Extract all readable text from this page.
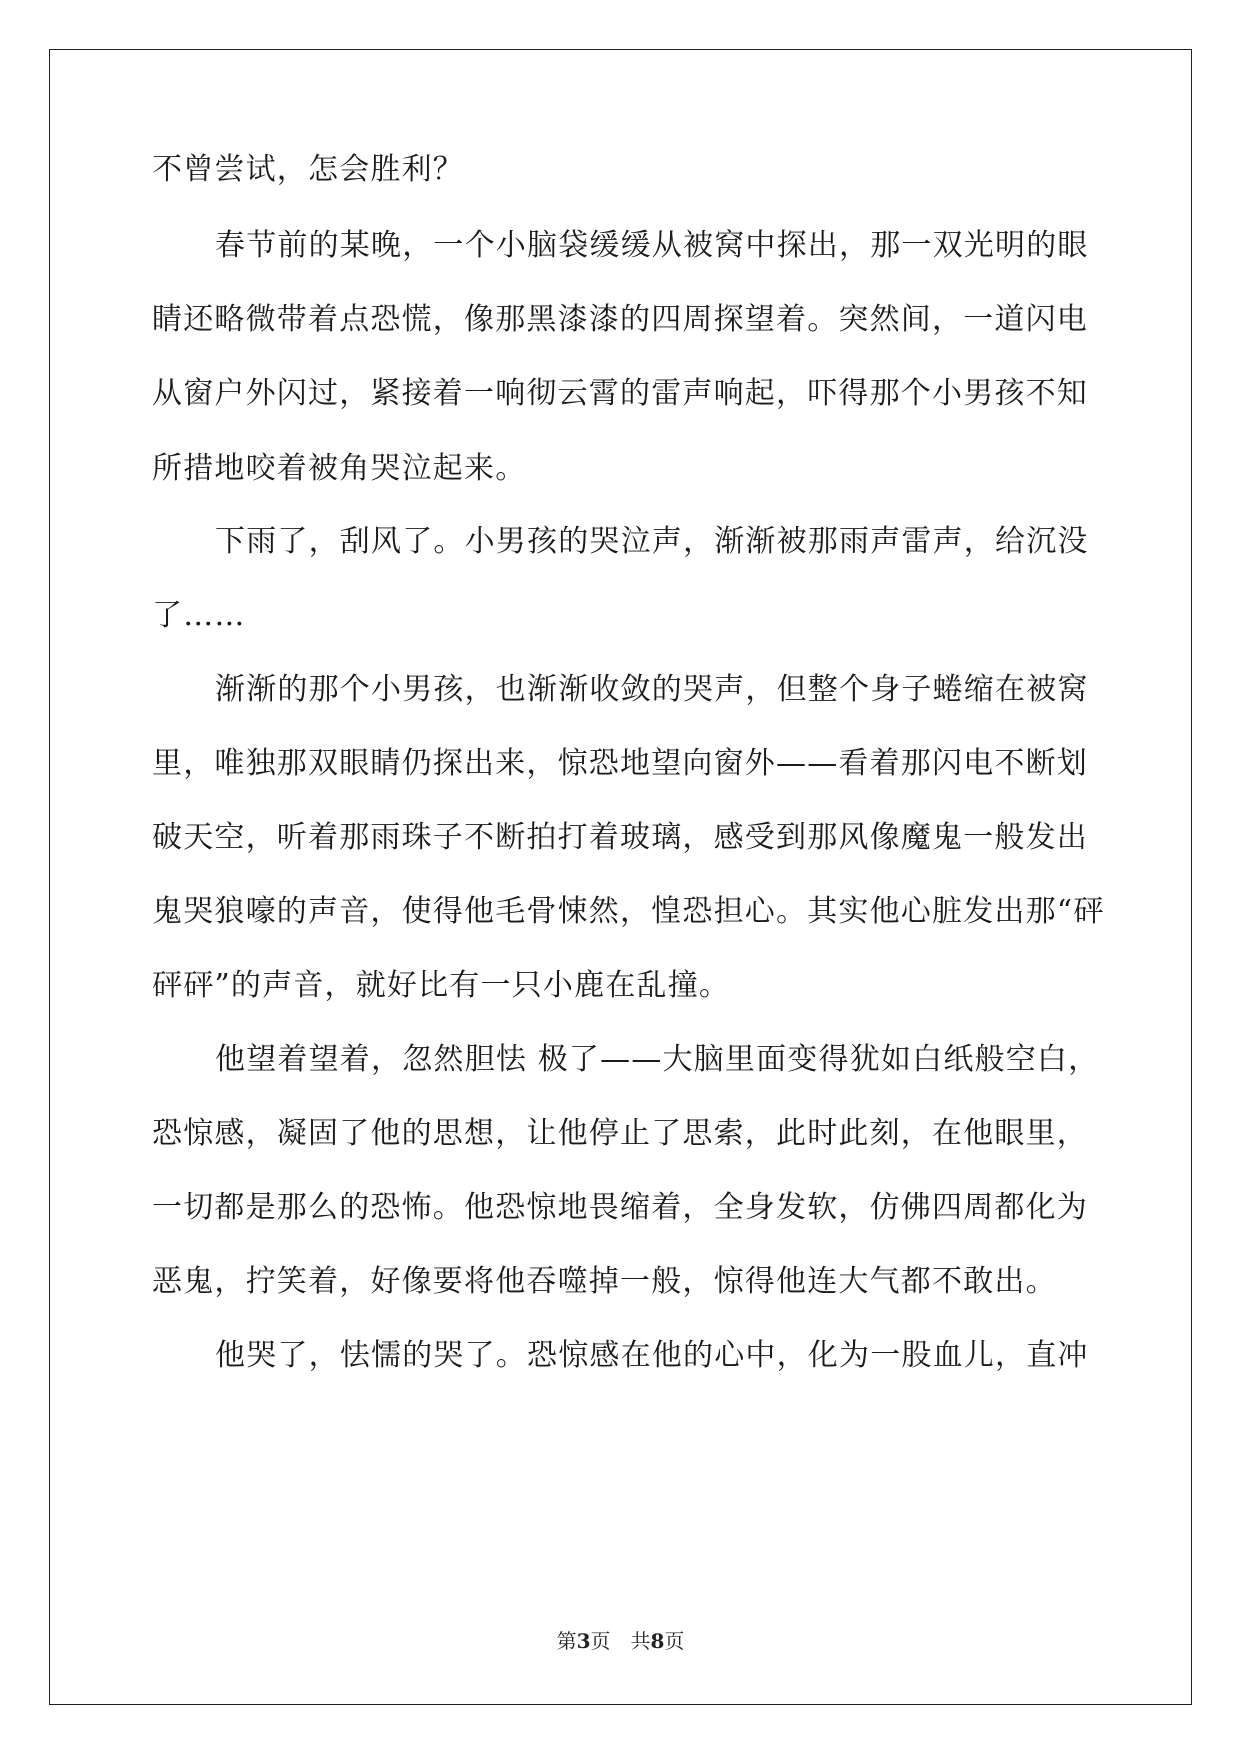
不曾尝试，怎会胜利？
春节前的某晚，一个小脑袋缓缓从被窝中探出，那一双光明的眼
睛还略微带着点恐慌，像那黑漆漆的四周探望着。突然间，一道闪电
从窗户外闪过，紧接着一响彻云霄的雷声响起，吓得那个小男孩不知
所措地咬着被角哭泣起来。
下雨了，刮风了。小男孩的哭泣声，渐渐被那雨声雷声，给沉没
了……
渐渐的那个小男孩，也渐渐收敛的哭声，但整个身子蜷缩在被窝
里，唯独那双眼睛仍探出来，惊恐地望向窗外——看着那闪电不断划
破天空，听着那雨珠子不断拍打着玻璃，感受到那风像魔鬼一般发出
鬼哭狼嚎的声音，使得他毛骨悚然，惶恐担心。其实他心脏发出那“砰
砰砰”的声音，就好比有一只小鹿在乱撞。
他望着望着，忽然胆怯 极了——大脑里面变得犹如白纸般空白，
恐惊感，凝固了他的思想，让他停止了思索，此时此刻，在他眼里，
一切都是那么的恐怖。他恐惊地畏缩着，全身发软，仿佛四周都化为
恶鬼，拧笑着，好像要将他吞噬掉一般，惊得他连大气都不敢出。
他哭了，怯懦的哭了。恐惊感在他的心中，化为一股血儿，直冲
第3页 共8页
